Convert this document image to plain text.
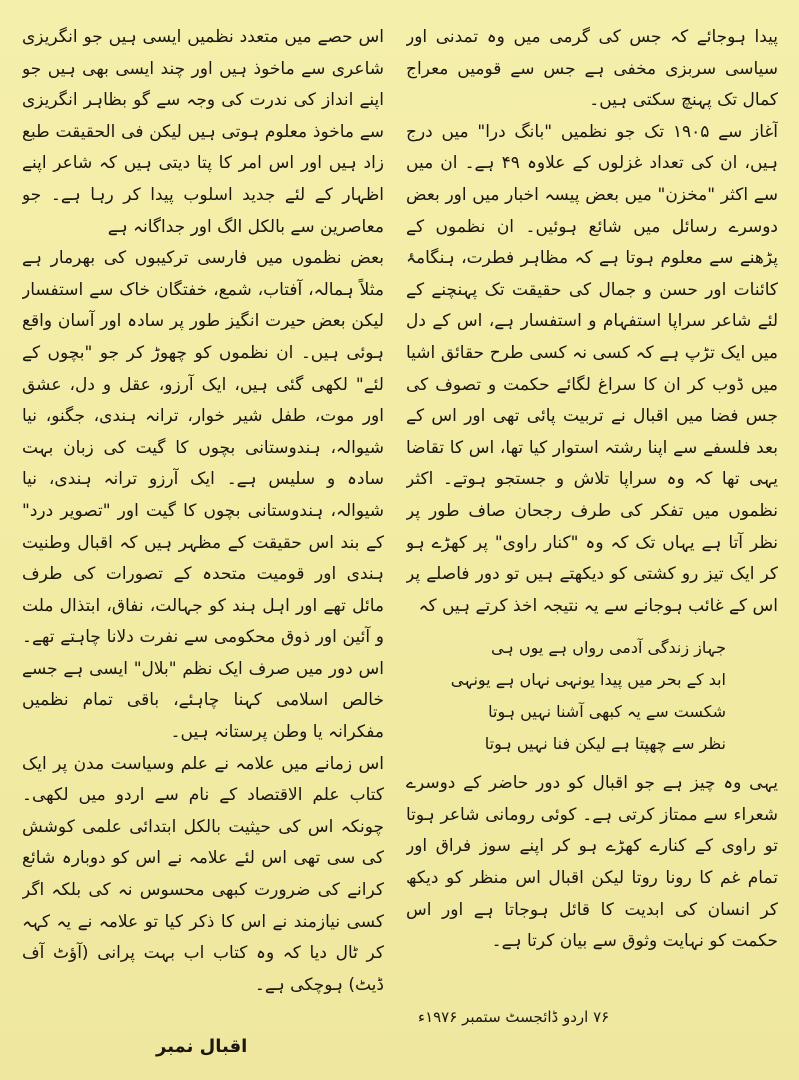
پیدا ہوجائے کہ جس کی گرمی میں وہ تمدنی اور سیاسی سربزی مخفی ہے جس سے قومیں معراج کمال تک پہنچ سکتی ہیں۔

آغاز سے ۱۹۰۵ تک جو نظمیں "بانگ درا" میں درج ہیں، ان کی تعداد غزلوں کے علاوہ ۴۹ ہے۔ ان میں سے اکثر "مخزن" میں بعض پیسہ اخبار میں اور بعض دوسرے رسائل میں شائع ہوئیں۔ ان نظموں کے پڑھنے سے معلوم ہوتا ہے کہ مظاہر فطرت، ہنگامۂ کائنات اور حسن و جمال کی حقیقت تک پہنچنے کے لئے شاعر سراپا استفہام و استفسار ہے، اس کے دل میں ایک تڑپ ہے کہ کسی نہ کسی طرح حقائق اشیا میں ڈوب کر ان کا سراغ لگائے حکمت و تصوف کی جس فضا میں اقبال نے تربیت پائی تھی اور اس کے بعد فلسفے سے اپنا رشتہ استوار کیا تھا، اس کا تقاضا یہی تھا کہ وہ سراپا تلاش و جستجو ہوتے۔ اکثر نظموں میں تفکر کی طرف رجحان صاف طور پر نظر آتا ہے یہاں تک کہ وہ "کنار راوی" پر کھڑے ہو کر ایک تیز رو کشتی کو دیکھتے ہیں تو دور فاصلے پر اس کے غائب ہوجانے سے یہ نتیجہ اخذ کرتے ہیں کہ

جہاز زندگی آدمی رواں ہے یوں ہی

ابد کے بحر میں پیدا یونہی نہاں ہے یونہی

شکست سے یہ کبھی آشنا نہیں ہوتا

نظر سے چھپتا ہے لیکن فنا نہیں ہوتا

یہی وہ چیز ہے جو اقبال کو دور حاضر کے دوسرے شعراء سے ممتاز کرتی ہے۔ کوئی رومانی شاعر ہوتا تو راوی کے کنارے کھڑے ہو کر اپنے سوز فراق اور تمام غم کا رونا روتا لیکن اقبال اس منظر کو دیکھ کر انسان کی ابدیت کا قائل ہوجاتا ہے اور اس حکمت کو نہایت وثوق سے بیان کرتا ہے۔

اس حصے میں متعدد نظمیں ایسی ہیں جو انگریزی شاعری سے ماخوذ ہیں اور چند ایسی بھی ہیں جو اپنے انداز کی ندرت کی وجہ سے گو بظاہر انگریزی سے ماخوذ معلوم ہوتی ہیں لیکن فی الحقیقت طبع زاد ہیں اور اس امر کا پتا دیتی ہیں کہ شاعر اپنے اظہار کے لئے جدید اسلوب پیدا کر رہا ہے۔ جو معاصرین سے بالکل الگ اور جداگانہ ہے

بعض نظموں میں فارسی ترکیبوں کی بھرمار ہے مثلاً ہمالہ، آفتاب، شمع، خفتگان خاک سے استفسار لیکن بعض حیرت انگیز طور پر سادہ اور آسان واقع ہوئی ہیں۔ ان نظموں کو چھوڑ کر جو "بچوں کے لئے" لکھی گئی ہیں، ایک آرزو، عقل و دل، عشق اور موت، طفل شیر خوار، ترانہ ہندی، جگنو، نیا شیوالہ، ہندوستانی بچوں کا گیت کی زبان بہت سادہ و سلیس ہے۔ ایک آرزو ترانہ ہندی، نیا شیوالہ، ہندوستانی بچوں کا گیت اور "تصویر درد" کے بند اس حقیقت کے مظہر ہیں کہ اقبال وطنیت ہندی اور قومیت متحدہ کے تصورات کی طرف مائل تھے اور اہل ہند کو جہالت، نفاق، ابتذال ملت و آئین اور ذوق محکومی سے نفرت دلانا چاہتے تھے۔ اس دور میں صرف ایک نظم "بلال" ایسی ہے جسے خالص اسلامی کہنا چاہئے، باقی تمام نظمیں مفکرانہ یا وطن پرستانہ ہیں۔

اس زمانے میں علامہ نے علم وسیاست مدن پر ایک کتاب علم الاقتصاد کے نام سے اردو میں لکھی۔ چونکہ اس کی حیثیت بالکل ابتدائی علمی کوشش کی سی تھی اس لئے علامہ نے اس کو دوبارہ شائع کرانے کی ضرورت کبھی محسوس نہ کی بلکہ اگر کسی نیازمند نے اس کا ذکر کیا تو علامہ نے یہ کہہ کر ٹال دیا کہ وہ کتاب اب بہت پرانی (آؤٹ آف ڈیٹ) ہوچکی ہے۔

۷۶ اردو ڈائجسٹ ستمبر ۱۹۷۶ء
اقبال نمبر
